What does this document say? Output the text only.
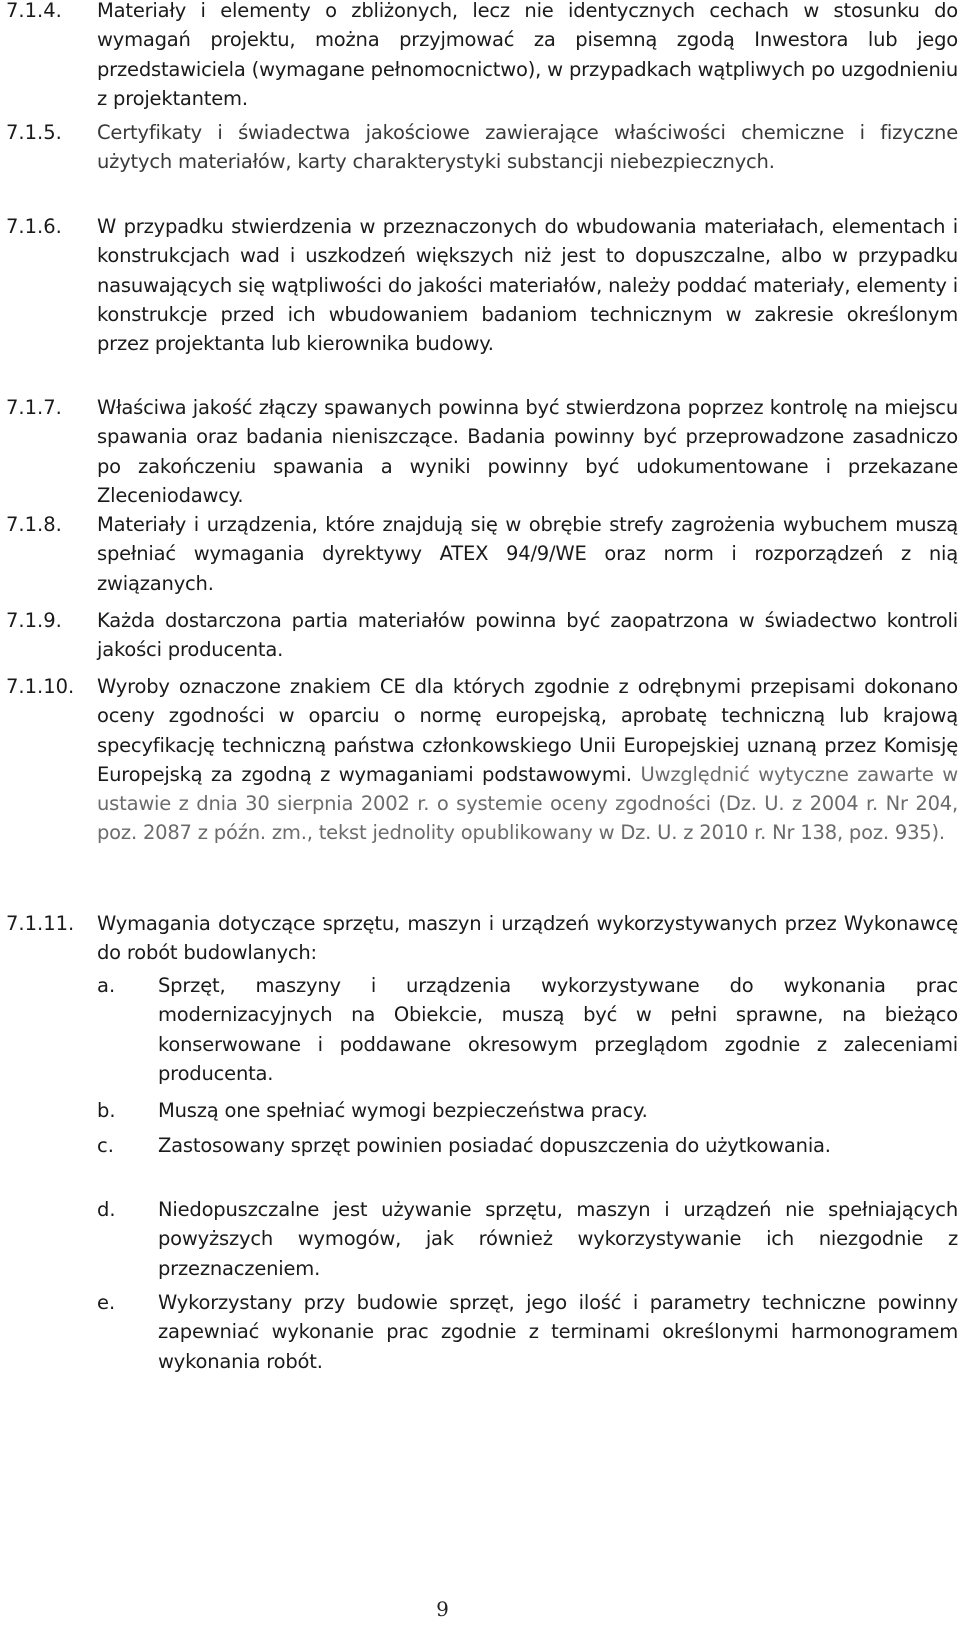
7.1.4. Materiały i elementy o zbliżonych, lecz nie identycznych cechach w stosunku do wymagań projektu, można przyjmować za pisemną zgodą Inwestora lub jego przedstawiciela (wymagane pełnomocnictwo), w przypadkach wątpliwych po uzgodnieniu z projektantem.
7.1.5. Certyfikaty i świadectwa jakościowe zawierające właściwości chemiczne i fizyczne użytych materiałów, karty charakterystyki substancji niebezpiecznych.
7.1.6. W przypadku stwierdzenia w przeznaczonych do wbudowania materiałach, elementach i konstrukcjach wad i uszkodzeń większych niż jest to dopuszczalne, albo w przypadku nasuwających się wątpliwości do jakości materiałów, należy poddać materiały, elementy i konstrukcje przed ich wbudowaniem badaniom technicznym w zakresie określonym przez projektanta lub kierownika budowy.
7.1.7. Właściwa jakość złączy spawanych powinna być stwierdzona poprzez kontrolę na miejscu spawania oraz badania nieniszczące. Badania powinny być przeprowadzone zasadniczo po zakończeniu spawania a wyniki powinny być udokumentowane i przekazane Zleceniodawcy.
7.1.8. Materiały i urządzenia, które znajdują się w obrębie strefy zagrożenia wybuchem muszą spełniać wymagania dyrektywy ATEX 94/9/WE oraz norm i rozporządzeń z nią związanych.
7.1.9. Każda dostarczona partia materiałów powinna być zaopatrzona w świadectwo kontroli jakości producenta.
7.1.10. Wyroby oznaczone znakiem CE dla których zgodnie z odrębnymi przepisami dokonano oceny zgodności w oparciu o normę europejską, aprobatę techniczną lub krajową specyfikację techniczną państwa członkowskiego Unii Europejskiej uznaną przez Komisję Europejską za zgodną z wymaganiami podstawowymi. Uwzględnić wytyczne zawarte w ustawie z dnia 30 sierpnia 2002 r. o systemie oceny zgodności (Dz. U. z 2004 r. Nr 204, poz. 2087 z późn. zm., tekst jednolity opublikowany w Dz. U. z 2010 r. Nr 138, poz. 935).
7.1.11. Wymagania dotyczące sprzętu, maszyn i urządzeń wykorzystywanych przez Wykonawcę do robót budowlanych:
a. Sprzęt, maszyny i urządzenia wykorzystywane do wykonania prac modernizacyjnych na Obiekcie, muszą być w pełni sprawne, na bieżąco konserwowane i poddawane okresowym przeglądom zgodnie z zaleceniami producenta.
b. Muszą one spełniać wymogi bezpieczeństwa pracy.
c. Zastosowany sprzęt powinien posiadać dopuszczenia do użytkowania.
d. Niedopuszczalne jest używanie sprzętu, maszyn i urządzeń nie spełniających powyższych wymogów, jak również wykorzystywanie ich niezgodnie z przeznaczeniem.
e. Wykorzystany przy budowie sprzęt, jego ilość i parametry techniczne powinny zapewniać wykonanie prac zgodnie z terminami określonymi harmonogramem wykonania robót.
9
